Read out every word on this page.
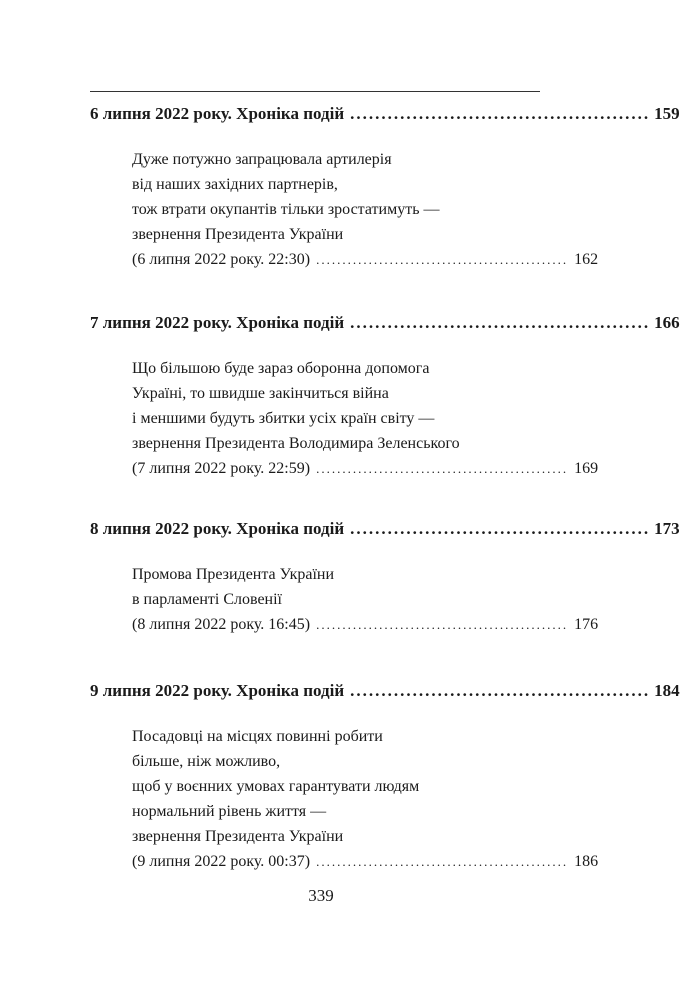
6 липня 2022 року. Хроніка подій ................................................ 159
Дуже потужно запрацювала артилерія
від наших західних партнерів,
тож втрати окупантів тільки зростатимуть —
звернення Президента України
(6 липня 2022 року. 22:30) ................................................ 162
7 липня 2022 року. Хроніка подій ................................................ 166
Що більшою буде зараз оборонна допомога
Україні, то швидше закінчиться війна
і меншими будуть збитки усіх країн світу —
звернення Президента Володимира Зеленського
(7 липня 2022 року. 22:59) ................................................ 169
8 липня 2022 року. Хроніка подій ................................................ 173
Промова Президента України
в парламенті Словенії
(8 липня 2022 року. 16:45) ................................................ 176
9 липня 2022 року. Хроніка подій ................................................ 184
Посадовці на місцях повинні робити
більше, ніж можливо,
щоб у воєнних умовах гарантувати людям
нормальний рівень життя —
звернення Президента України
(9 липня 2022 року. 00:37) ................................................ 186
339
